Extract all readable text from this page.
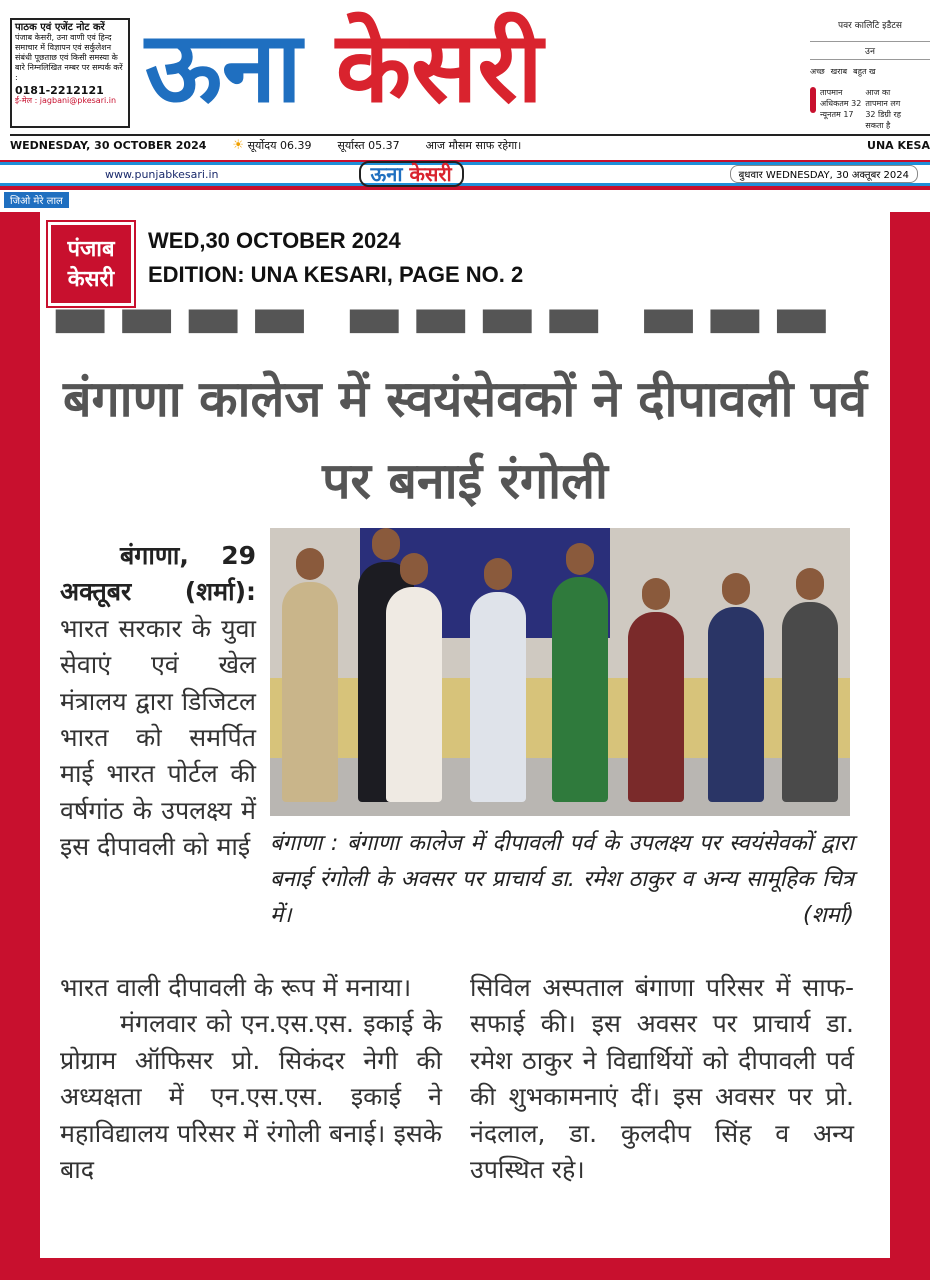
पाठक एवं एजेंट नोट करें
पंजाब केसरी, उना वाणी एवं हिन्द समाचार में विज्ञापन एवं सर्कुलेशन संबंधी पूछताछ एवं किसी समस्या के बारे निम्नलिखित नम्बर पर सम्पर्क करें :
0181-2212121
ई-मेल : jagbani@pkesari.in ऊना केसरी	पवर कालिटि इडैटस
उन
अच्छ खराब बहुत ख
तापमान
अधिकतम 32
न्यूनतम 17
आज का तापमान लग 32 डिग्री रह सकता है
WEDNESDAY, 30 OCTOBER 2024 ☀ सूर्योदय 06.39 सूर्यास्त 05.37 आज मौसम साफ रहेगा।	UNA KESA
www.punjabkesari.in	ऊना केसरी	बुधवार WEDNESDAY, 30 अक्तूबर 2024
जिओ मेरे लाल
पंजाब
केसरी
WED,30 OCTOBER 2024
EDITION: UNA KESARI, PAGE NO. 2
बंगाणा कालेज में स्वयंसेवकों ने दीपावली पर्व पर बनाई रंगोली
बंगाणा : बंगाणा कालेज में दीपावली पर्व के उपलक्ष्य पर स्वयंसेवकों द्वारा बनाई रंगोली के अवसर पर प्राचार्य डा. रमेश ठाकुर व अन्य सामूहिक चित्र में।	(शर्मा)
बंगाणा, 29 अक्तूबर (शर्मा): भारत सरकार के युवा सेवाएं एवं खेल मंत्रालय द्वारा डिजिटल भारत को समर्पित माई भारत पोर्टल की वर्षगांठ के उपलक्ष्य में इस दीपावली को माई

भारत वाली दीपावली के रूप में मनाया।

मंगलवार को एन.एस.एस. इकाई के प्रोग्राम ऑफिसर प्रो. सिकंदर नेगी की अध्यक्षता में एन.एस.एस. इकाई ने महाविद्यालय परिसर में रंगोली बनाई। इसके बाद

सिविल अस्पताल बंगाणा परिसर में साफ-सफाई की। इस अवसर पर प्राचार्य डा. रमेश ठाकुर ने विद्यार्थियों को दीपावली पर्व की शुभकामनाएं दीं। इस अवसर पर प्रो. नंदलाल, डा. कुलदीप सिंह व अन्य उपस्थित रहे।
